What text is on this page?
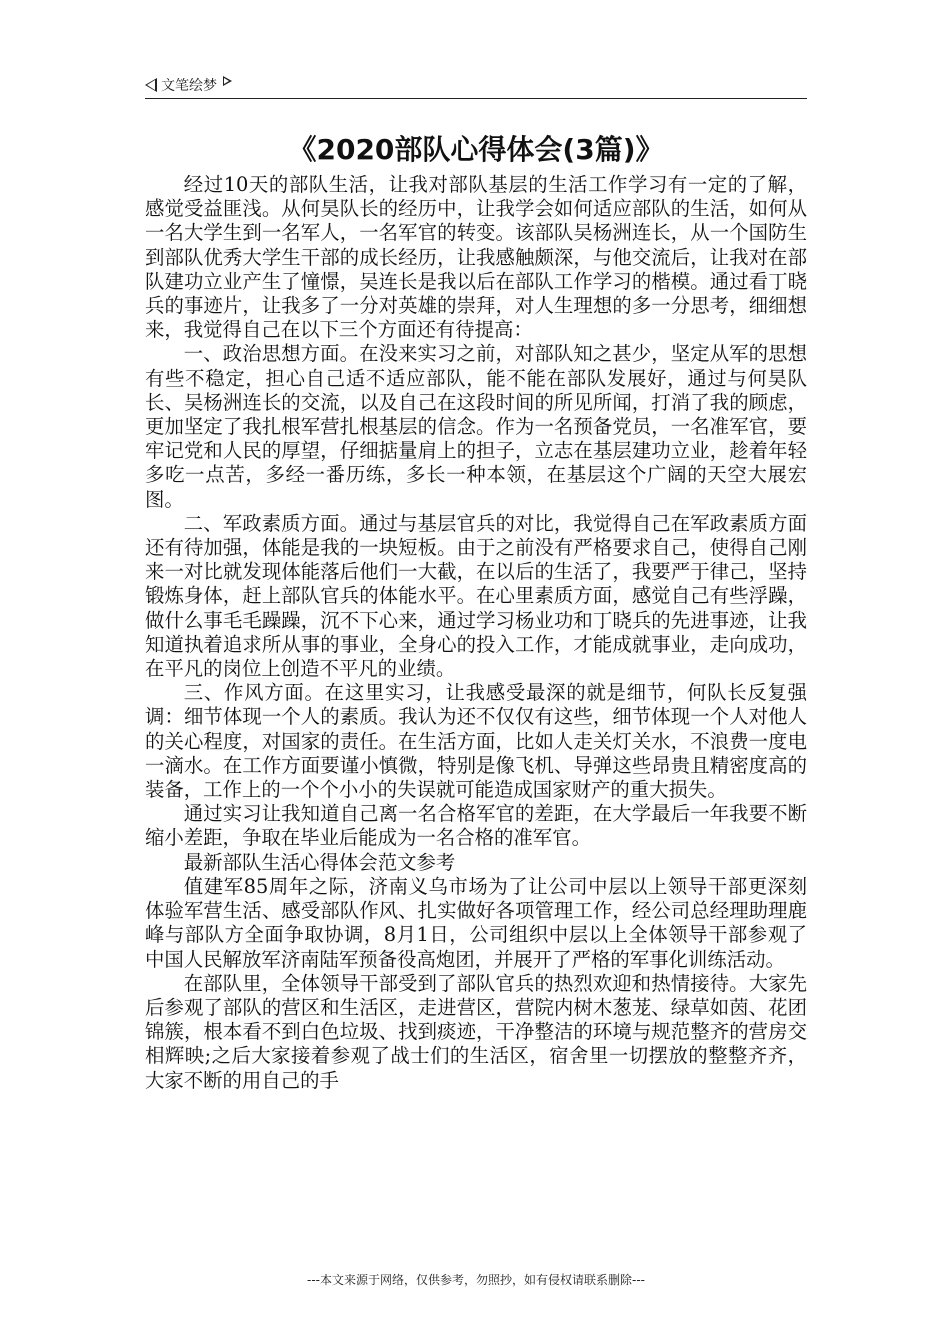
文笔绘梦
《2020部队心得体会(3篇)》

经过10天的部队生活，让我对部队基层的生活工作学习有一定的了解，感觉受益匪浅。从何昊队长的经历中，让我学会如何适应部队的生活，如何从一名大学生到一名军人，一名军官的转变。该部队吴杨洲连长，从一个国防生到部队优秀大学生干部的成长经历，让我感触颇深，与他交流后，让我对在部队建功立业产生了憧憬，吴连长是我以后在部队工作学习的楷模。通过看丁晓兵的事迹片，让我多了一分对英雄的崇拜，对人生理想的多一分思考，细细想来，我觉得自己在以下三个方面还有待提高：

一、政治思想方面。在没来实习之前，对部队知之甚少，坚定从军的思想有些不稳定，担心自己适不适应部队，能不能在部队发展好，通过与何昊队长、吴杨洲连长的交流，以及自己在这段时间的所见所闻，打消了我的顾虑，更加坚定了我扎根军营扎根基层的信念。作为一名预备党员，一名准军官，要牢记党和人民的厚望，仔细掂量肩上的担子，立志在基层建功立业，趁着年轻多吃一点苦，多经一番历练，多长一种本领，在基层这个广阔的天空大展宏图。

二、军政素质方面。通过与基层官兵的对比，我觉得自己在军政素质方面还有待加强，体能是我的一块短板。由于之前没有严格要求自己，使得自己刚来一对比就发现体能落后他们一大截，在以后的生活了，我要严于律己，坚持锻炼身体，赶上部队官兵的体能水平。在心里素质方面，感觉自己有些浮躁，做什么事毛毛躁躁，沉不下心来，通过学习杨业功和丁晓兵的先进事迹，让我知道执着追求所从事的事业，全身心的投入工作，才能成就事业，走向成功，在平凡的岗位上创造不平凡的业绩。

三、作风方面。在这里实习，让我感受最深的就是细节，何队长反复强调：细节体现一个人的素质。我认为还不仅仅有这些，细节体现一个人对他人的关心程度，对国家的责任。在生活方面，比如人走关灯关水，不浪费一度电一滴水。在工作方面要谨小慎微，特别是像飞机、导弹这些昂贵且精密度高的装备，工作上的一个个小小的失误就可能造成国家财产的重大损失。

通过实习让我知道自己离一名合格军官的差距，在大学最后一年我要不断缩小差距，争取在毕业后能成为一名合格的准军官。

最新部队生活心得体会范文参考

值建军85周年之际，济南义乌市场为了让公司中层以上领导干部更深刻体验军营生活、感受部队作风、扎实做好各项管理工作，经公司总经理助理鹿峰与部队方全面争取协调，8月1日，公司组织中层以上全体领导干部参观了中国人民解放军济南陆军预备役高炮团，并展开了严格的军事化训练活动。

在部队里，全体领导干部受到了部队官兵的热烈欢迎和热情接待。大家先后参观了部队的营区和生活区，走进营区，营院内树木葱茏、绿草如茵、花团锦簇，根本看不到白色垃圾、找到痰迹，干净整洁的环境与规范整齐的营房交相辉映;之后大家接着参观了战士们的生活区，宿舍里一切摆放的整整齐齐，大家不断的用自己的手

---本文来源于网络，仅供参考，勿照抄，如有侵权请联系删除---
